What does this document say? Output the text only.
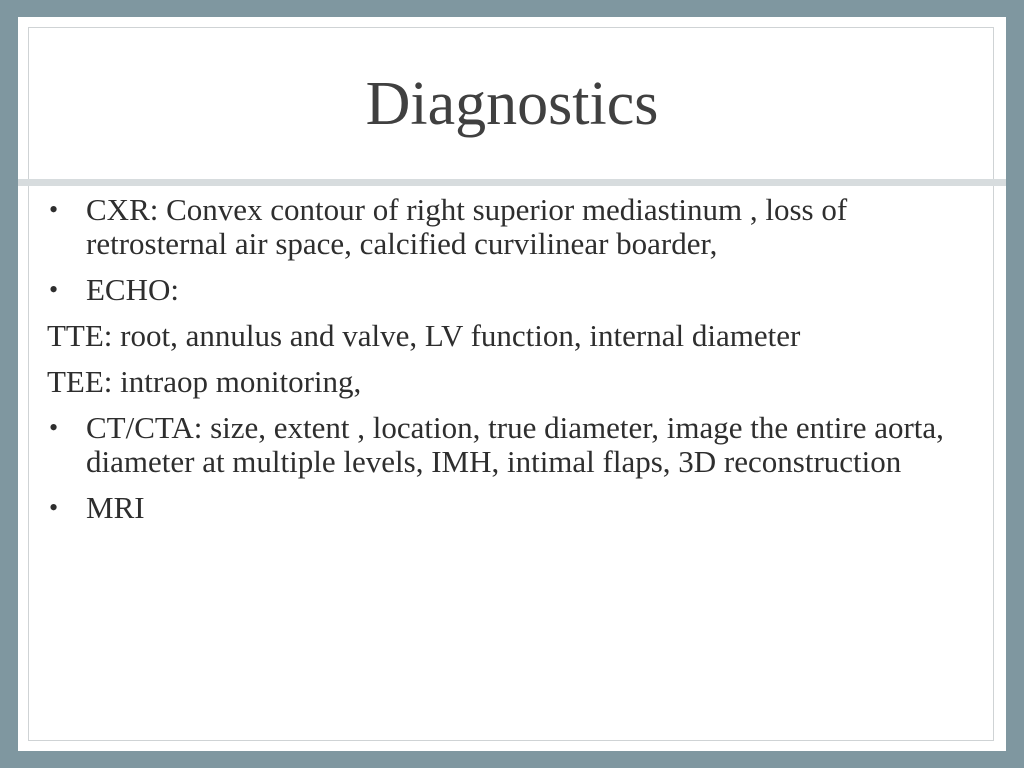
Diagnostics
• CXR: Convex contour of right superior mediastinum , loss of retrosternal air space, calcified curvilinear boarder,
• ECHO:
TTE: root, annulus and valve, LV function, internal diameter
TEE: intraop monitoring,
• CT/CTA: size, extent , location, true diameter, image the entire aorta, diameter at multiple levels, IMH, intimal flaps, 3D reconstruction
• MRI
